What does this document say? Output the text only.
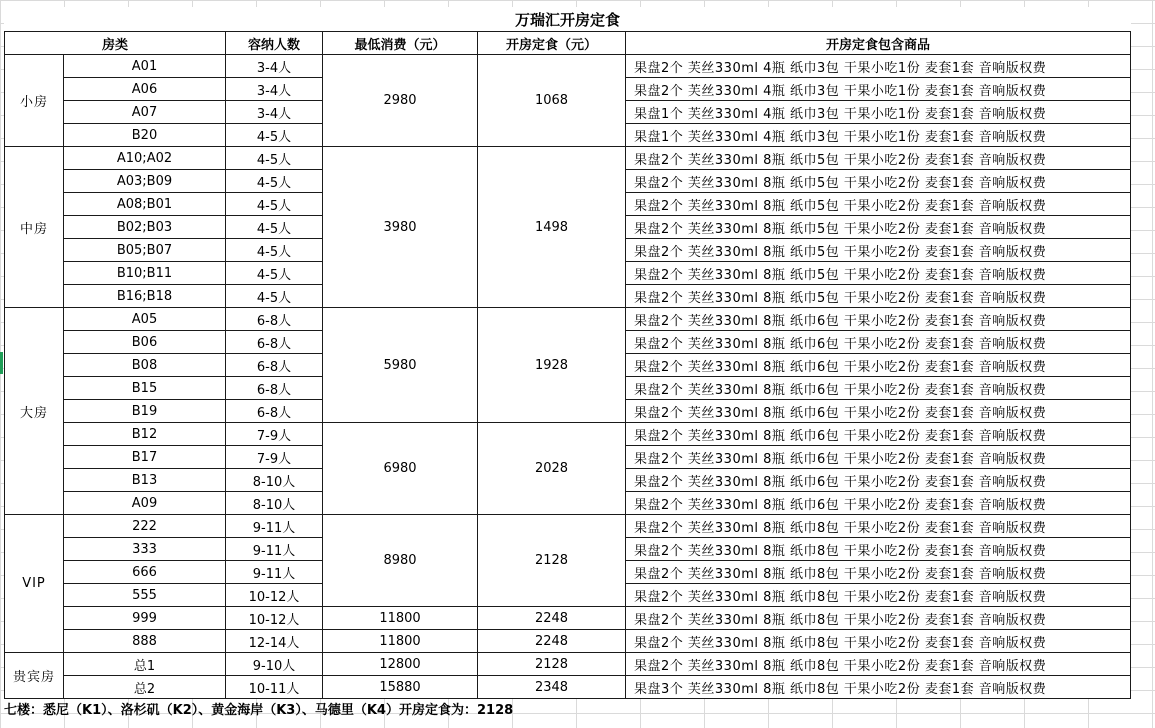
万瑞汇开房定食					
房类		容纳人数	最低消费（元）	开房定食（元）	开房定食包含商品
小房	A01	3-4人	2980	1068	果盘2个 芙丝330ml 4瓶 纸巾3包 干果小吃1份 麦套1套 音响版权费
	A06	3-4人			果盘2个 芙丝330ml 4瓶 纸巾3包 干果小吃1份 麦套1套 音响版权费
	A07	3-4人			果盘1个 芙丝330ml 4瓶 纸巾3包 干果小吃1份 麦套1套 音响版权费
	B20	4-5人			果盘1个 芙丝330ml 4瓶 纸巾3包 干果小吃1份 麦套1套 音响版权费
中房	A10;A02	4-5人	3980	1498	果盘2个 芙丝330ml 8瓶 纸巾5包 干果小吃2份 麦套1套 音响版权费
	A03;B09	4-5人			果盘2个 芙丝330ml 8瓶 纸巾5包 干果小吃2份 麦套1套 音响版权费
	A08;B01	4-5人			果盘2个 芙丝330ml 8瓶 纸巾5包 干果小吃2份 麦套1套 音响版权费
	B02;B03	4-5人			果盘2个 芙丝330ml 8瓶 纸巾5包 干果小吃2份 麦套1套 音响版权费
	B05;B07	4-5人			果盘2个 芙丝330ml 8瓶 纸巾5包 干果小吃2份 麦套1套 音响版权费
	B10;B11	4-5人			果盘2个 芙丝330ml 8瓶 纸巾5包 干果小吃2份 麦套1套 音响版权费
	B16;B18	4-5人			果盘2个 芙丝330ml 8瓶 纸巾5包 干果小吃2份 麦套1套 音响版权费
大房	A05	6-8人	5980	1928	果盘2个 芙丝330ml 8瓶 纸巾6包 干果小吃2份 麦套1套 音响版权费
	B06	6-8人			果盘2个 芙丝330ml 8瓶 纸巾6包 干果小吃2份 麦套1套 音响版权费
	B08	6-8人			果盘2个 芙丝330ml 8瓶 纸巾6包 干果小吃2份 麦套1套 音响版权费
	B15	6-8人			果盘2个 芙丝330ml 8瓶 纸巾6包 干果小吃2份 麦套1套 音响版权费
	B19	6-8人			果盘2个 芙丝330ml 8瓶 纸巾6包 干果小吃2份 麦套1套 音响版权费
	B12	7-9人	6980	2028	果盘2个 芙丝330ml 8瓶 纸巾6包 干果小吃2份 麦套1套 音响版权费
	B17	7-9人			果盘2个 芙丝330ml 8瓶 纸巾6包 干果小吃2份 麦套1套 音响版权费
	B13	8-10人			果盘2个 芙丝330ml 8瓶 纸巾6包 干果小吃2份 麦套1套 音响版权费
	A09	8-10人			果盘2个 芙丝330ml 8瓶 纸巾6包 干果小吃2份 麦套1套 音响版权费
VIP	222	9-11人	8980	2128	果盘2个 芙丝330ml 8瓶 纸巾8包 干果小吃2份 麦套1套 音响版权费
	333	9-11人			果盘2个 芙丝330ml 8瓶 纸巾8包 干果小吃2份 麦套1套 音响版权费
	666	9-11人			果盘2个 芙丝330ml 8瓶 纸巾8包 干果小吃2份 麦套1套 音响版权费
	555	10-12人			果盘2个 芙丝330ml 8瓶 纸巾8包 干果小吃2份 麦套1套 音响版权费
	999	10-12人	11800	2248	果盘2个 芙丝330ml 8瓶 纸巾8包 干果小吃2份 麦套1套 音响版权费
	888	12-14人	11800	2248	果盘2个 芙丝330ml 8瓶 纸巾8包 干果小吃2份 麦套1套 音响版权费
贵宾房	总1	9-10人	12800	2128	果盘2个 芙丝330ml 8瓶 纸巾8包 干果小吃2份 麦套1套 音响版权费
	总2	10-11人	15880	2348	果盘3个 芙丝330ml 8瓶 纸巾8包 干果小吃2份 麦套1套 音响版权费
七楼：悉尼（K1）、洛杉矶（K2）、黄金海岸（K3）、马德里（K4）开房定食为：2128
